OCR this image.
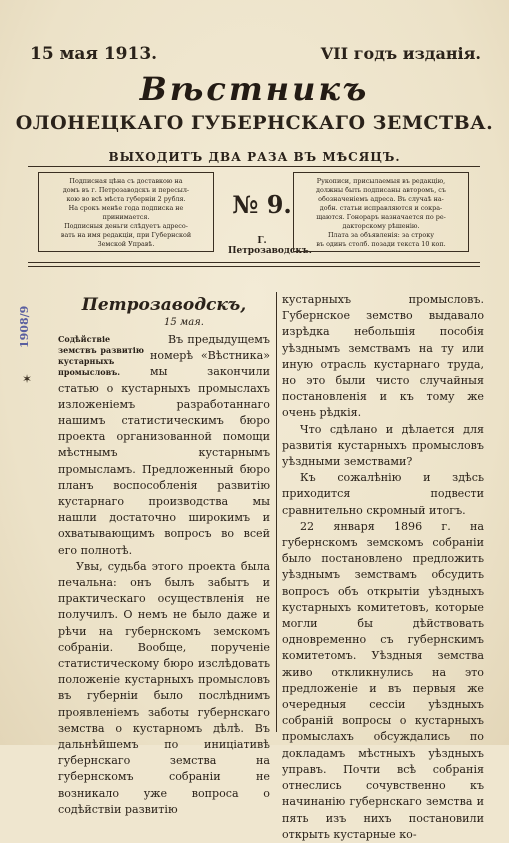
15 мая 1913.	VII годъ изданія.
Вѣстникъ
ОЛОНЕЦКАГО ГУБЕРНСКАГО ЗЕМСТВА.
ВЫХОДИТЪ ДВА РАЗА ВЪ МѢСЯЦЪ.
Подписная цѣна съ доставкою на
домъ въ г. Петрозаводскъ и пересыл-
кою во всѣ мѣста губерніи 2 рубля.
На срокъ менѣе года подписка не
принимается.
Подписныя деньги слѣдуетъ адресо-
вать на имя редакціи, при Губернской
Земской Управѣ.
№ 9.
Г. Петрозаводскъ.
Рукописи, присылаемыя въ редакцію,
должны быть подписаны авторомъ, съ
обозначеніемъ адреса. Въ случаѣ на-
добн. статьи исправляются и сокра-
щаются. Гонораръ назначается по ре-
дакторскому рѣшенію.
Плата за объявленія: за строку
въ одинъ столб. позади текста 10 коп.
1908/9
✶
Петрозаводскъ,
15 мая.
Содѣйствіе земствъ развитію кустарныхъ промысловъ.

Въ предыдущемъ номерѣ «Вѣстника» мы закончили статью о кустарныхъ промыслахъ изложеніемъ разработаннаго нашимъ статистическимъ бюро проекта организованной помощи мѣстнымъ кустарнымъ промысламъ. Предложенный бюро планъ воспособленія развитію кустарнаго производства мы нашли достаточно широкимъ и охватывающимъ вопросъ во всей его полнотѣ.

Увы, судьба этого проекта была печальна: онъ былъ забытъ и практическаго осуществленія не получилъ. О немъ не было даже и рѣчи на губернскомъ земскомъ собраніи. Вообще, порученіе статистическому бюро изслѣдовать положеніе кустарныхъ промысловъ въ губерніи было послѣднимъ проявленіемъ заботы губернскаго земства о кустарномъ дѣлѣ. Въ дальнѣйшемъ по иниціативѣ губернскаго земства на губернскомъ собраніи не возникало уже вопроса о содѣйствіи развитію

кустарныхъ промысловъ. Губернское земство выдавало изрѣдка небольшія пособія уѣзднымъ земствамъ на ту или иную отрасль кустарнаго труда, но это были чисто случайныя постановленія и къ тому же очень рѣдкія.

Что сдѣлано и дѣлается для развитія кустарныхъ промысловъ уѣздными земствами?

Къ сожалѣнію и здѣсь приходится подвести сравнительно скромный итогъ.

22 января 1896 г. на губернскомъ земскомъ собраніи было постановлено предложить уѣзднымъ земствамъ обсудить вопросъ объ открытіи уѣздныхъ кустарныхъ комитетовъ, которые могли бы дѣйствовать одновременно съ губернскимъ комитетомъ. Уѣздныя земства живо откликнулись на это предложеніе и въ первыя же очередныя сессіи уѣздныхъ собраній вопросы о кустарныхъ промыслахъ обсуждались по докладамъ мѣстныхъ уѣздныхъ управъ. Почти всѣ собранія отнеслись сочувственно къ начинанію губернскаго земства и пять изъ нихъ постановили открыть кустарные ко-
